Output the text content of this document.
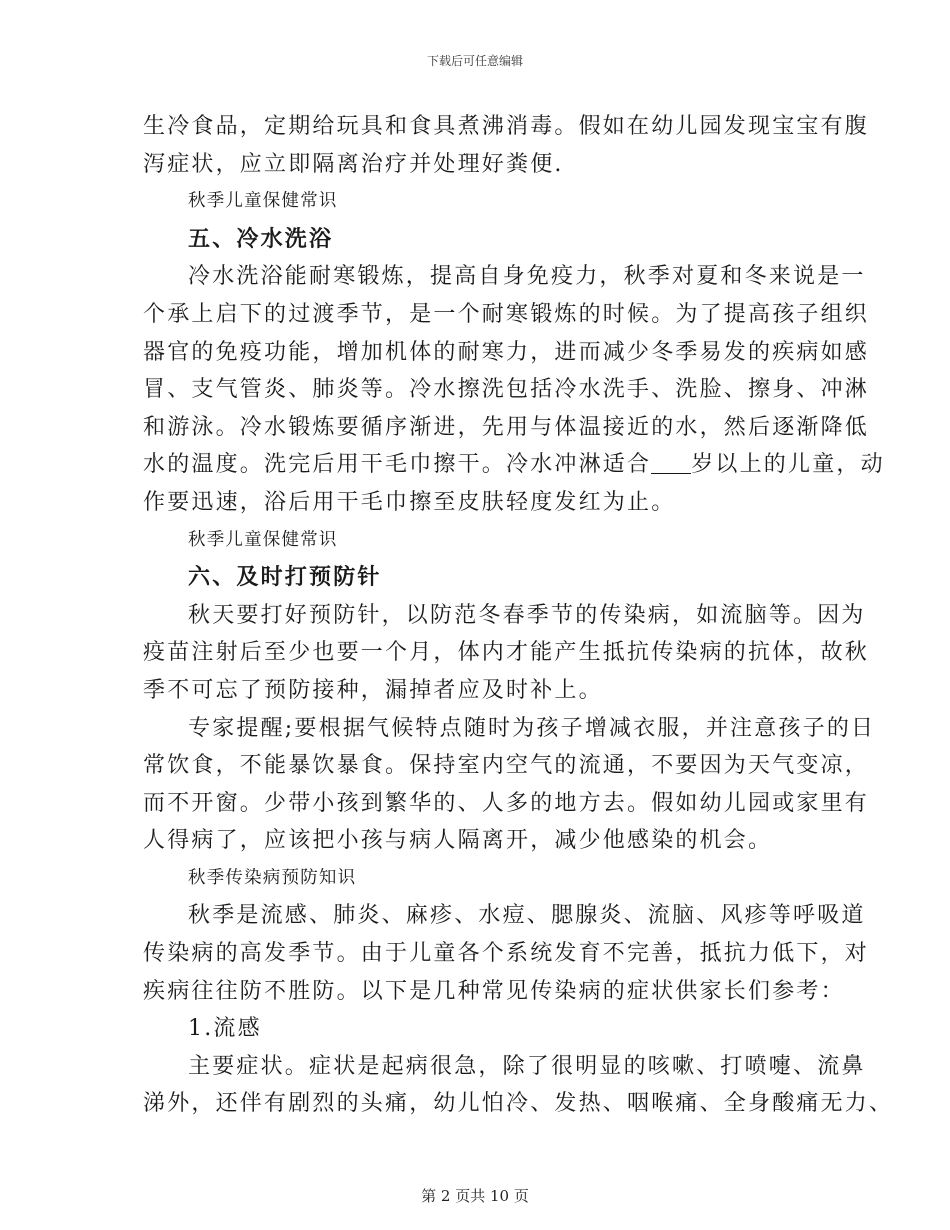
下载后可任意编辑
生冷食品，定期给玩具和食具煮沸消毒。假如在幼儿园发现宝宝有腹
泻症状，应立即隔离治疗并处理好粪便.
秋季儿童保健常识
五、冷水洗浴
冷水洗浴能耐寒锻炼，提高自身免疫力，秋季对夏和冬来说是一
个承上启下的过渡季节，是一个耐寒锻炼的时候。为了提高孩子组织
器官的免疫功能，增加机体的耐寒力，进而减少冬季易发的疾病如感
冒、支气管炎、肺炎等。冷水擦洗包括冷水洗手、洗脸、擦身、冲淋
和游泳。冷水锻炼要循序渐进，先用与体温接近的水，然后逐渐降低
水的温度。洗完后用干毛巾擦干。冷水冲淋适合 岁以上的儿童，动
作要迅速，浴后用干毛巾擦至皮肤轻度发红为止。
秋季儿童保健常识
六、及时打预防针
秋天要打好预防针，以防范冬春季节的传染病，如流脑等。因为
疫苗注射后至少也要一个月，体内才能产生抵抗传染病的抗体，故秋
季不可忘了预防接种，漏掉者应及时补上。
专家提醒;要根据气候特点随时为孩子增减衣服，并注意孩子的日
常饮食，不能暴饮暴食。保持室内空气的流通，不要因为天气变凉，
而不开窗。少带小孩到繁华的、人多的地方去。假如幼儿园或家里有
人得病了，应该把小孩与病人隔离开，减少他感染的机会。
秋季传染病预防知识
秋季是流感、肺炎、麻疹、水痘、腮腺炎、流脑、风疹等呼吸道
传染病的高发季节。由于儿童各个系统发育不完善，抵抗力低下，对
疾病往往防不胜防。以下是几种常见传染病的症状供家长们参考：
1.流感
主要症状。症状是起病很急，除了很明显的咳嗽、打喷嚏、流鼻
涕外，还伴有剧烈的头痛，幼儿怕冷、发热、咽喉痛、全身酸痛无力、
第 2 页共 10 页
